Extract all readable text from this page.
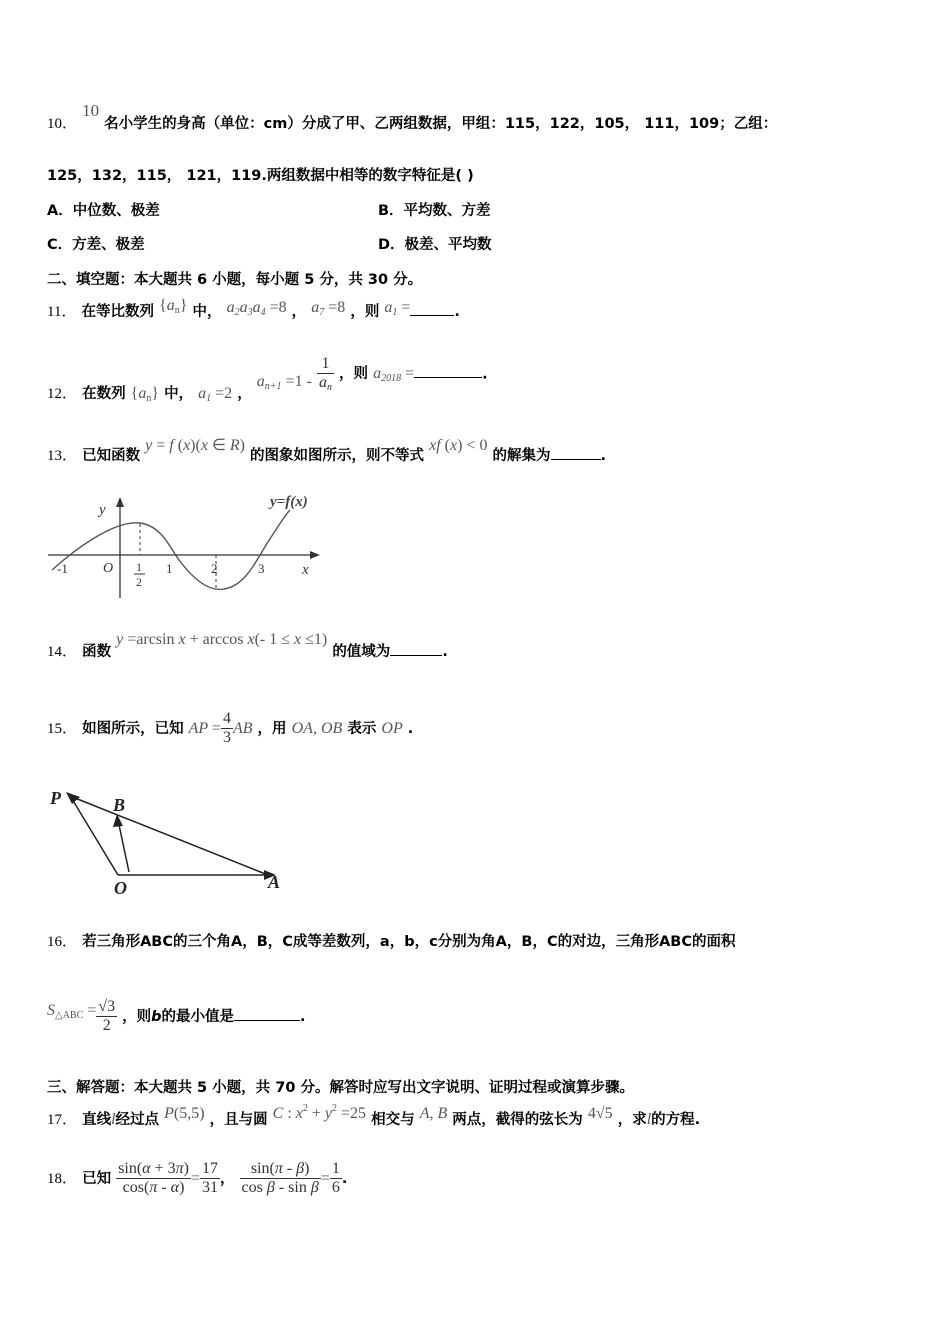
10． 10 名小学生的身高（单位：cm）分成了甲、乙两组数据，甲组：115，122，105， 111，109；乙组：
125，132，115， 121，119.两组数据中相等的数字特征是( )
A．中位数、极差	B．平均数、方差
C．方差、极差	D．极差、平均数
二、填空题：本大题共 6 小题，每小题 5 分，共 30 分。
11． 在等比数列 $\{a_n\}$ 中， $a_2a_3a_4 =8$ ， $a_7 =8$ ，则 $a_1$ =	.
12． 在数列 $\{a_n\}$ 中， $a_1 =2$ ， $a_{n+1} =1 - \frac{1}{a_n}$ ，则 $a_{2018}$ =	.
13． 已知函数 y = f (x)(x ∈ R) 的图象如图所示，则不等式 xf (x) < 0 的解集为	.
y=f(x)
y
x
O
-1	1	2	3
1
2
14． 函数 y =arcsin x + arccos x(- 1 ≤ x ≤1) 的值域为	.
15． 如图所示，已知 AP = $\frac{4}{3}$ AB ，用 OA, OB 表示 OP .
P	B
O	A
16． 若三角形ABC的三个角A，B，C成等差数列，a，b，c分别为角A，B，C的对边，三角形ABC的面积
$S_{\triangle ABC} = \frac{√3}{2}$ ，则b的最小值是	.
三、解答题：本大题共 5 小题，共 70 分。解答时应写出文字说明、证明过程或演算步骤。
17． 直线l经过点 P(5,5) ，且与圆 C : $x^2 + y^2 =25$ 相交与 A, B 两点，截得的弦长为 4√5 ，求l的方程.
18． 已知 $\frac{\sin(\alpha + 3\pi)}{\cos(\pi - \alpha)} = \frac{17}{31}$ ， $\frac{\sin(\pi - \beta)}{\text{cos β - sin β}} = \frac{1}{6}$ .
